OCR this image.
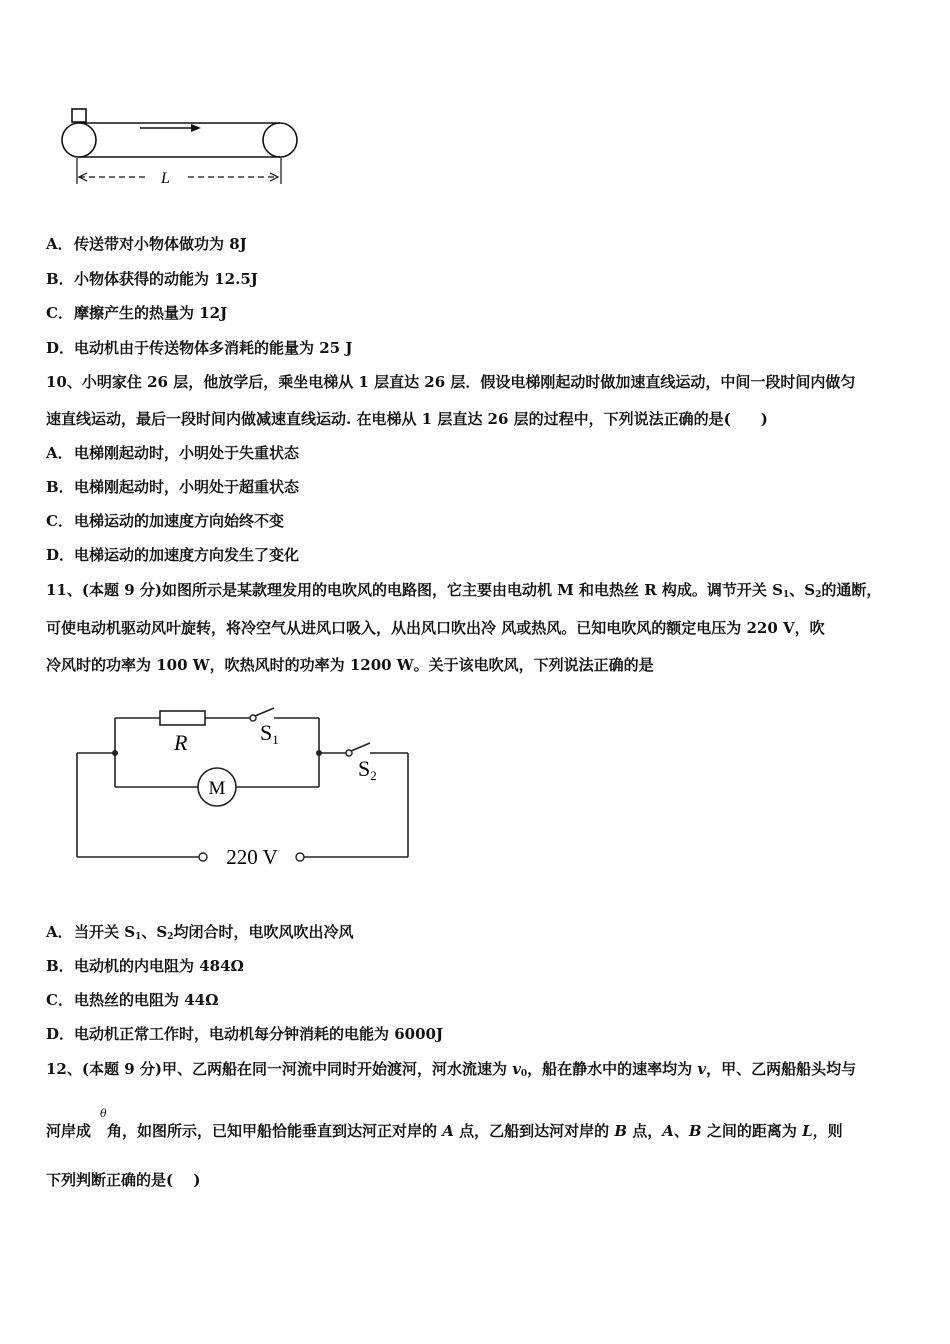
L
A．传送带对小物体做功为 8J
B．小物体获得的动能为 12.5J
C．摩擦产生的热量为 12J
D．电动机由于传送物体多消耗的能量为 25 J
10、小明家住 26 层，他放学后，乘坐电梯从 1 层直达 26 层．假设电梯刚起动时做加速直线运动，中间一段时间内做匀
速直线运动，最后一段时间内做减速直线运动. 在电梯从 1 层直达 26 层的过程中，下列说法正确的是(　　)
A．电梯刚起动时，小明处于失重状态
B．电梯刚起动时，小明处于超重状态
C．电梯运动的加速度方向始终不变
D．电梯运动的加速度方向发生了变化
11、(本题 9 分)如图所示是某款理发用的电吹风的电路图，它主要由电动机 M 和电热丝 R 构成。调节开关 $S_1$、$S_2$的通断，
可使电动机驱动风叶旋转，将冷空气从进风口吸入，从出风口吹出冷 风或热风。已知电吹风的额定电压为 220 V，吹
冷风时的功率为 100 W，吹热风时的功率为 1200 W。关于该电吹风，下列说法正确的是
R	S1
S2
M
220 V
A．当开关 $S_1$、$S_2$均闭合时，电吹风吹出冷风
B．电动机的内电阻为 484Ω
C．电热丝的电阻为 44Ω
D．电动机正常工作时，电动机每分钟消耗的电能为 6000J
12、(本题 9 分)甲、乙两船在同一河流中同时开始渡河，河水流速为 $v_0$，船在静水中的速率均为 v，甲、乙两船船头均与
θ
河岸成 角，如图所示，已知甲船恰能垂直到达河正对岸的 A 点，乙船到达河对岸的 B 点，A、B 之间的距离为 L，则
下列判断正确的是(　 )
